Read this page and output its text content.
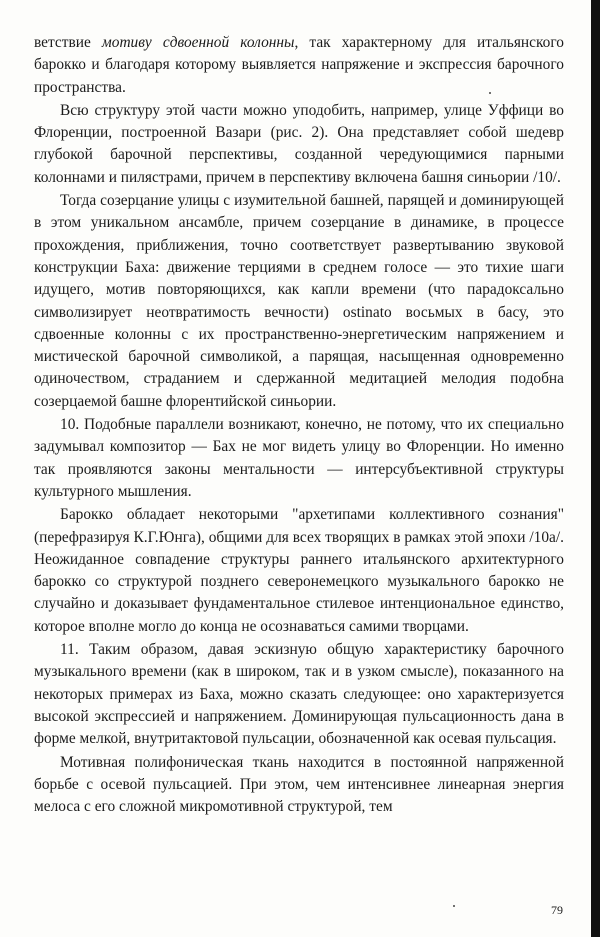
ветствие мотиву сдвоенной колонны, так характерному для итальянского барокко и благодаря которому выявляется напряжение и экспрессия барочного пространства.

Всю структуру этой части можно уподобить, например, улице Уффици во Флоренции, построенной Вазари (рис. 2). Она представляет собой шедевр глубокой барочной перспективы, созданной чередующимися парными колоннами и пилястрами, причем в перспективу включена башня синьории /10/.

Тогда созерцание улицы с изумительной башней, парящей и доминирующей в этом уникальном ансамбле, причем созерцание в динамике, в процессе прохождения, приближения, точно соответствует развертыванию звуковой конструкции Баха: движение терциями в среднем голосе — это тихие шаги идущего, мотив повторяющихся, как капли времени (что парадоксально символизирует неотвратимость вечности) ostinato восьмых в басу, это сдвоенные колонны с их пространственно-энергетическим напряжением и мистической барочной символикой, а парящая, насыщенная одновременно одиночеством, страданием и сдержанной медитацией мелодия подобна созерцаемой башне флорентийской синьории.

10. Подобные параллели возникают, конечно, не потому, что их специально задумывал композитор — Бах не мог видеть улицу во Флоренции. Но именно так проявляются законы ментальности — интерсубъективной структуры культурного мышления.

Барокко обладает некоторыми "архетипами коллективного сознания" (перефразируя К.Г.Юнга), общими для всех творящих в рамках этой эпохи /10а/. Неожиданное совпадение структуры раннего итальянского архитектурного барокко со структурой позднего северонемецкого музыкального барокко не случайно и доказывает фундаментальное стилевое интенциональное единство, которое вполне могло до конца не осознаваться самими творцами.

11. Таким образом, давая эскизную общую характеристику барочного музыкального времени (как в широком, так и в узком смысле), показанного на некоторых примерах из Баха, можно сказать следующее: оно характеризуется высокой экспрессией и напряжением. Доминирующая пульсационность дана в форме мелкой, внутритактовой пульсации, обозначенной как осевая пульсация.

Мотивная полифоническая ткань находится в постоянной напряженной борьбе с осевой пульсацией. При этом, чем интенсивнее линеарная энергия мелоса с его сложной микромотивной структурой, тем

79
